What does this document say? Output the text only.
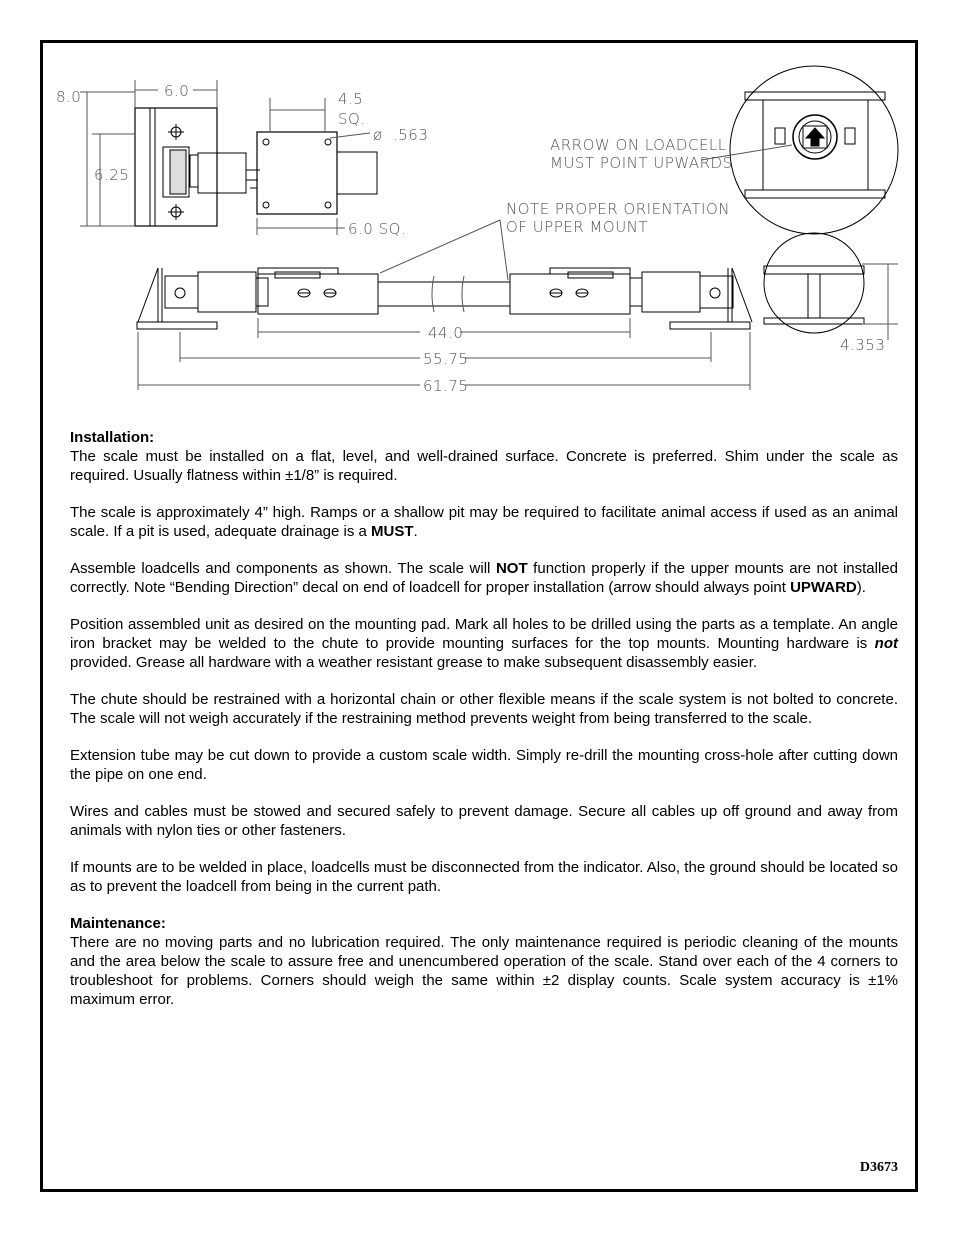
8.0	6.0
6.25
4.5
SQ.
ø .563
6.0 SQ.
ARROW ON LOADCELL
MUST POINT UPWARDS
4.353
NOTE PROPER ORIENTATION
OF UPPER MOUNT
44.0
55.75
61.75
Installation:

The scale must be installed on a flat, level, and well-drained surface. Concrete is preferred. Shim under the scale as required. Usually flatness within ±1/8” is required.

The scale is approximately 4” high. Ramps or a shallow pit may be required to facilitate animal access if used as an animal scale. If a pit is used, adequate drainage is a MUST.

Assemble loadcells and components as shown. The scale will NOT function properly if the upper mounts are not installed correctly. Note “Bending Direction” decal on end of loadcell for proper installation (arrow should always point UPWARD).

Position assembled unit as desired on the mounting pad. Mark all holes to be drilled using the parts as a template. An angle iron bracket may be welded to the chute to provide mounting surfaces for the top mounts. Mounting hardware is not provided. Grease all hardware with a weather resistant grease to make subsequent disassembly easier.

The chute should be restrained with a horizontal chain or other flexible means if the scale system is not bolted to concrete. The scale will not weigh accurately if the restraining method prevents weight from being transferred to the scale.

Extension tube may be cut down to provide a custom scale width. Simply re-drill the mounting cross-hole after cutting down the pipe on one end.

Wires and cables must be stowed and secured safely to prevent damage. Secure all cables up off ground and away from animals with nylon ties or other fasteners.

If mounts are to be welded in place, loadcells must be disconnected from the indicator. Also, the ground should be located so as to prevent the loadcell from being in the current path.

Maintenance:

There are no moving parts and no lubrication required. The only maintenance required is periodic cleaning of the mounts and the area below the scale to assure free and unencumbered operation of the scale. Stand over each of the 4 corners to troubleshoot for problems. Corners should weigh the same within ±2 display counts. Scale system accuracy is ±1% maximum error.

D3673
